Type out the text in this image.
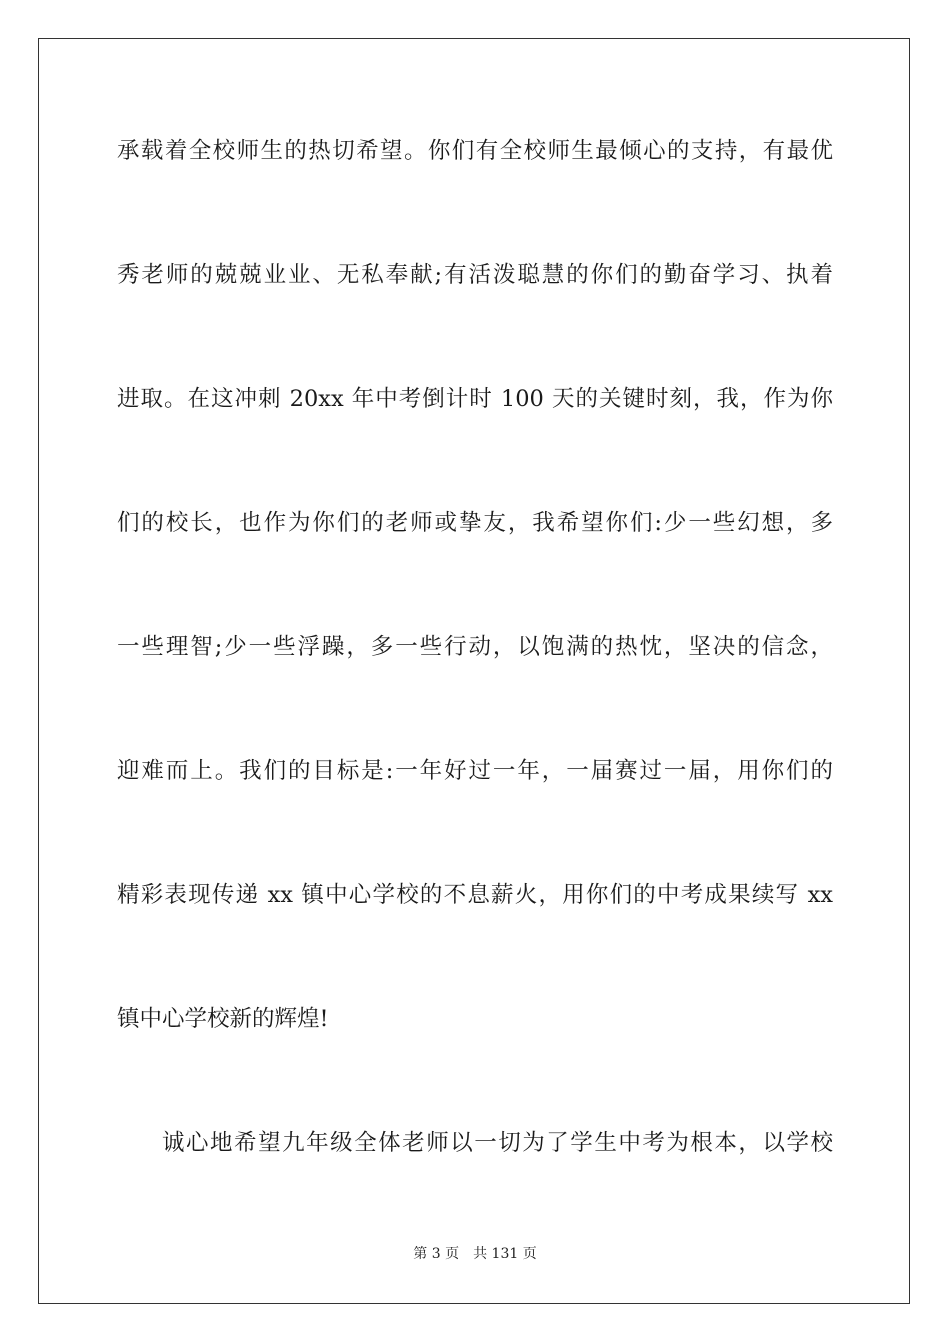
承载着全校师生的热切希望。你们有全校师生最倾心的支持，有最优
秀老师的兢兢业业、无私奉献;有活泼聪慧的你们的勤奋学习、执着
进取。在这冲刺 20xx 年中考倒计时 100 天的关键时刻，我，作为你
们的校长，也作为你们的老师或挚友，我希望你们:少一些幻想，多
一些理智;少一些浮躁，多一些行动，以饱满的热忱，坚决的信念，
迎难而上。我们的目标是:一年好过一年，一届赛过一届，用你们的
精彩表现传递 xx 镇中心学校的不息薪火，用你们的中考成果续写 xx
镇中心学校新的辉煌!
诚心地希望九年级全体老师以一切为了学生中考为根本，以学校
第 3 页 共 131 页
